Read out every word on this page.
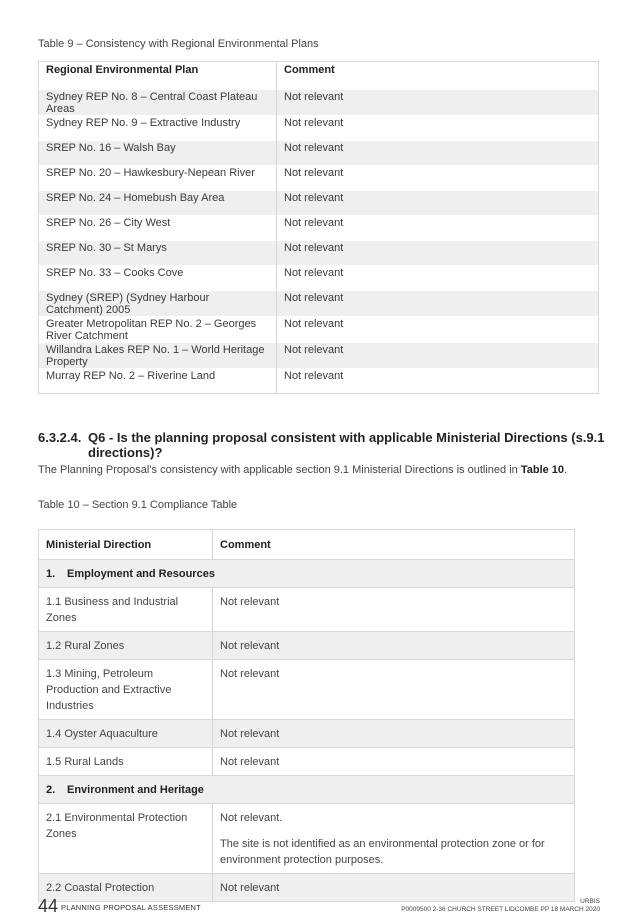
Table 9 – Consistency with Regional Environmental Plans
Regional Environmental Plan	Comment
Sydney REP No. 8 – Central Coast Plateau Areas	Not relevant
Sydney REP No. 9 – Extractive Industry	Not relevant
SREP No. 16 – Walsh Bay	Not relevant
SREP No. 20 – Hawkesbury-Nepean River	Not relevant
SREP No. 24 – Homebush Bay Area	Not relevant
SREP No. 26 – City West	Not relevant
SREP No. 30 – St Marys	Not relevant
SREP No. 33 – Cooks Cove	Not relevant
Sydney (SREP) (Sydney Harbour Catchment) 2005	Not relevant
Greater Metropolitan REP No. 2 – Georges River Catchment	Not relevant
Willandra Lakes REP No. 1 – World Heritage Property	Not relevant
Murray REP No. 2 – Riverine Land	Not relevant
6.3.2.4. Q6 - Is the planning proposal consistent with applicable Ministerial Directions (s.9.1 directions)?
The Planning Proposal’s consistency with applicable section 9.1 Ministerial Directions is outlined in Table 10.
Table 10 – Section 9.1 Compliance Table
Ministerial Direction	Comment
1. Employment and Resources	
1.1 Business and Industrial Zones	Not relevant

1.2 Rural Zones	Not relevant

1.3 Mining, Petroleum Production and Extractive Industries	Not relevant

1.4 Oyster Aquaculture	Not relevant

1.5 Rural Lands	Not relevant

2. Environment and Heritage	
2.1 Environmental Protection Zones	Not relevant.

The site is not identified as an environmental protection zone or for environment protection purposes.

2.2 Coastal Protection	Not relevant

44 PLANNING PROPOSAL ASSESSMENT
URBIS
P0009500 2-36 CHURCH STREET LIDCOMBE PP 18 MARCH 2020
